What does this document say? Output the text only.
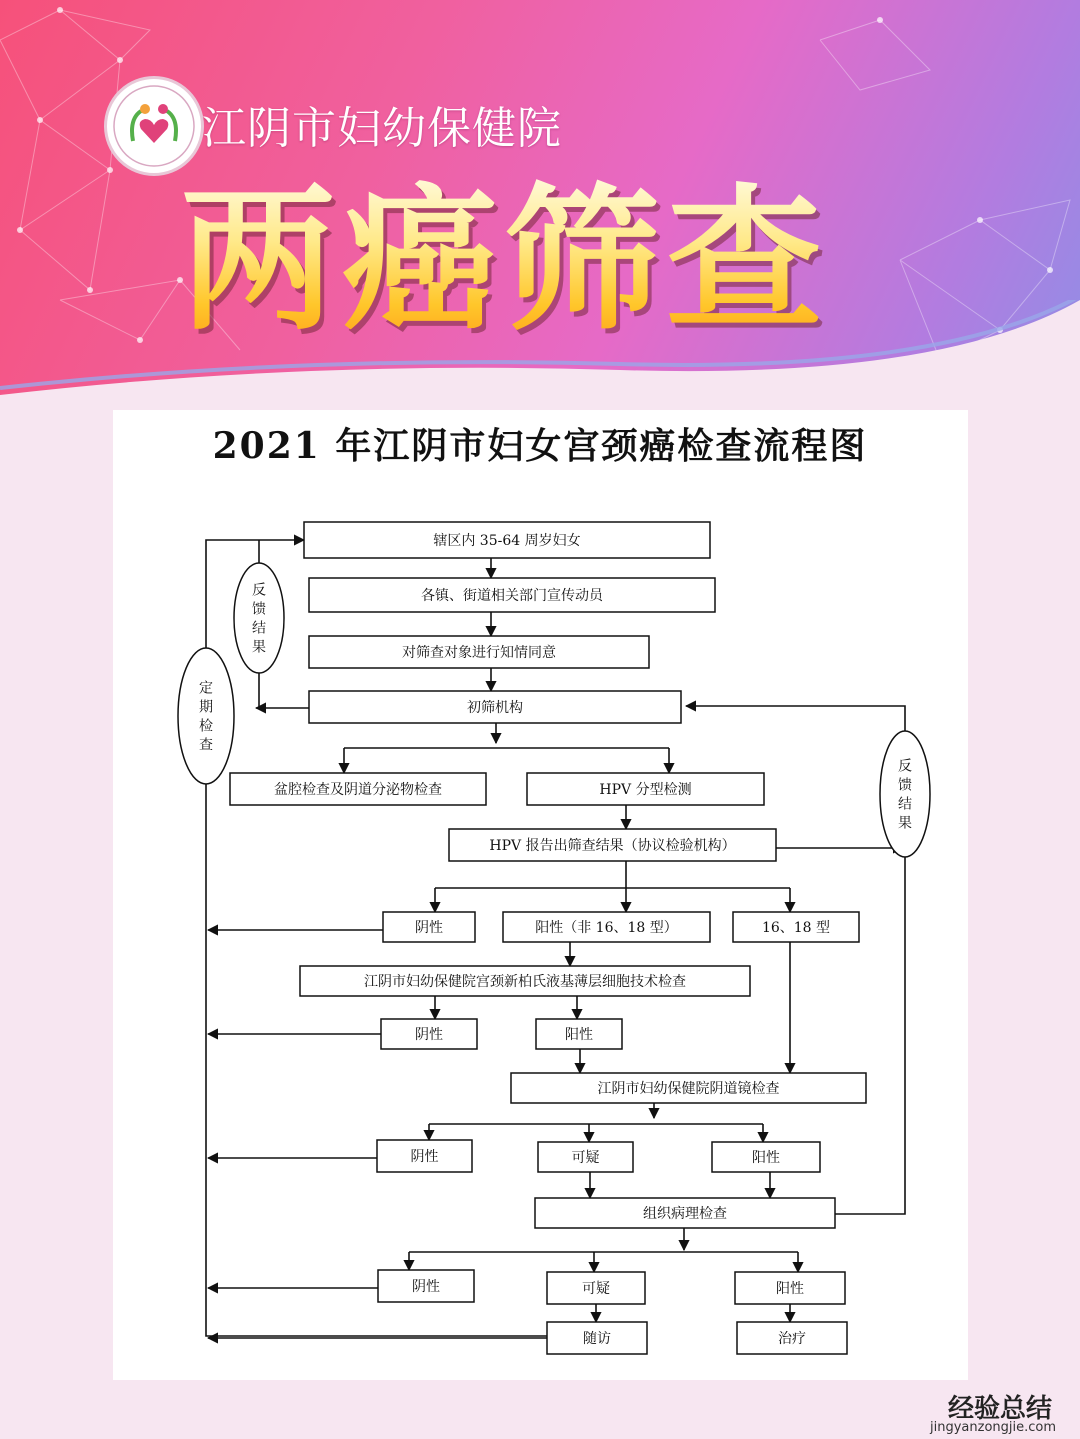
江阴市妇幼保健院
两癌筛查
2021 年江阴市妇女宫颈癌检查流程图
反
馈
结
果
定
期
检
查
反
馈
结
果
辖区内 35-64 周岁妇女
各镇、街道相关部门宣传动员
对筛查对象进行知情同意
初筛机构
盆腔检查及阴道分泌物检查	HPV 分型检测
HPV 报告出筛查结果（协议检验机构）
阴性	阳性（非 16、18 型）	16、18 型
江阴市妇幼保健院宫颈新柏氏液基薄层细胞技术检查
阴性	阳性
江阴市妇幼保健院阴道镜检查
阴性	可疑	阳性
组织病理检查
阴性	可疑	阳性
随访	治疗
经验总结
jingyanzongjie.com
